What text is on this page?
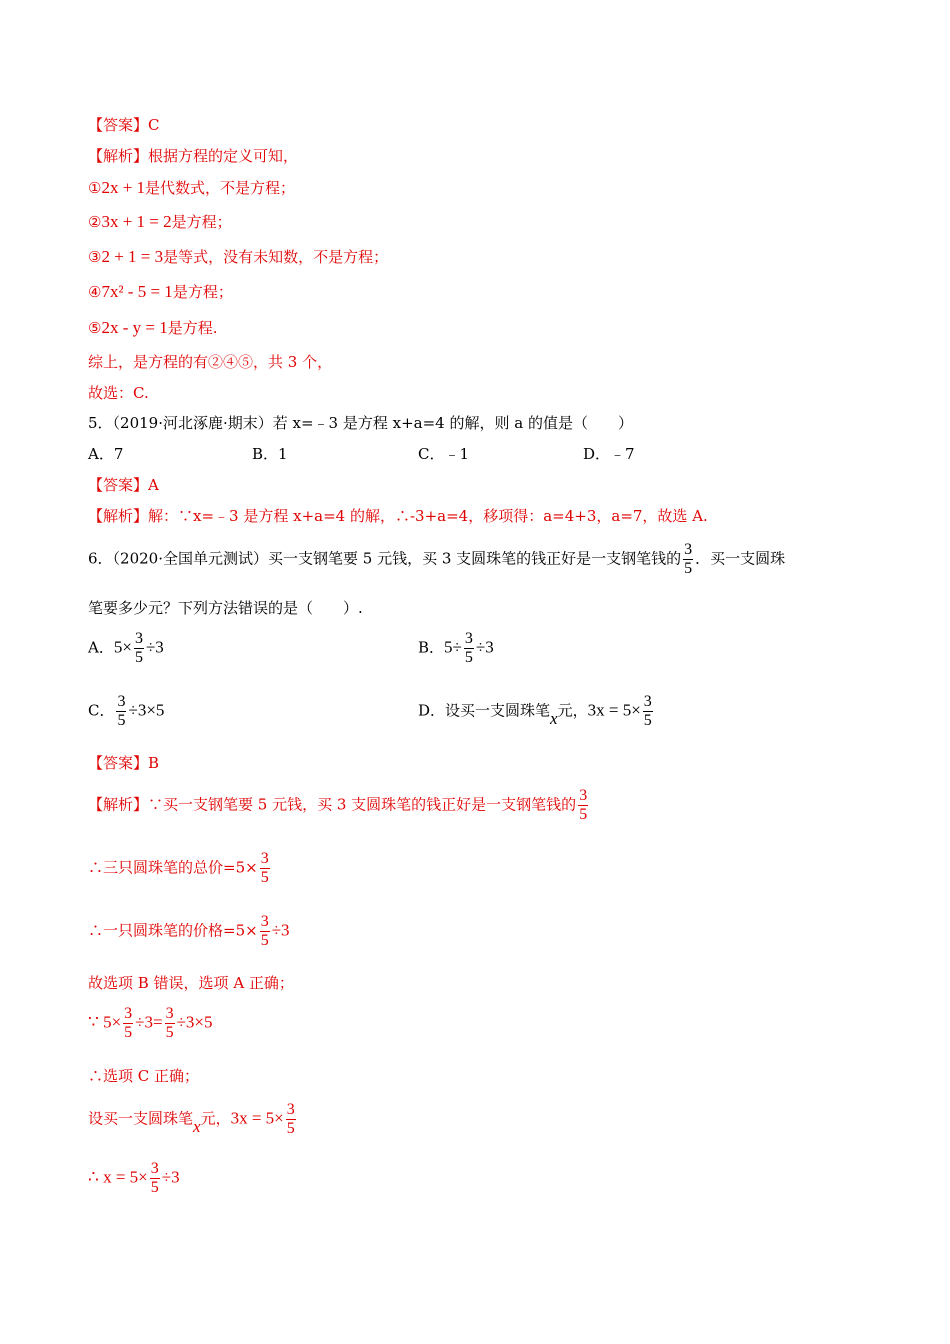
【答案】C
【解析】根据方程的定义可知，
①2x + 1是代数式，不是方程；
②3x + 1 = 2是方程；
③2 + 1 = 3是等式，没有未知数，不是方程；
④7x² - 5 = 1是方程；
⑤2x - y = 1是方程.
综上，是方程的有②④⑤，共 3 个，
故选：C.
5．（2019·河北涿鹿·期末）若 x=﹣3 是方程 x+a=4 的解，则 a 的值是（　　）
A．7	B．1	C．﹣1	D．﹣7
【答案】A
【解析】解：∵x=﹣3 是方程 x+a=4 的解，∴-3+a=4，移项得：a=4+3，a=7，故选 A.
6．（2020·全国单元测试）买一支钢笔要 5 元钱，买 3 支圆珠笔的钱正好是一支钢笔钱的 $\frac{3}{5}$ ．买一支圆珠
笔要多少元？下列方法错误的是（　　）.
A．$5\times \frac{3}{5} \div 3$	B．$5\div \frac{3}{5} \div 3$
C． $\frac{3}{5} \div 3\times 5$	D．设买一支圆珠笔x元，$3x = 5\times \frac{3}{5}$
【答案】B
【解析】∵买一支钢笔要 5 元钱，买 3 支圆珠笔的钱正好是一支钢笔钱的 $\frac{3}{5}$
∴三只圆珠笔的总价$=5\times \frac{3}{5}$
∴一只圆珠笔的价格$=5\times \frac{3}{5} \div 3$
故选项 B 错误，选项 A 正确；
∵ $5\times \frac{3}{5} \div 3= \frac{3}{5} \div 3\times 5$
∴选项 C 正确；
设买一支圆珠笔x元，$3x = 5\times \frac{3}{5}$
∴ $x = 5\times \frac{3}{5} \div 3$
